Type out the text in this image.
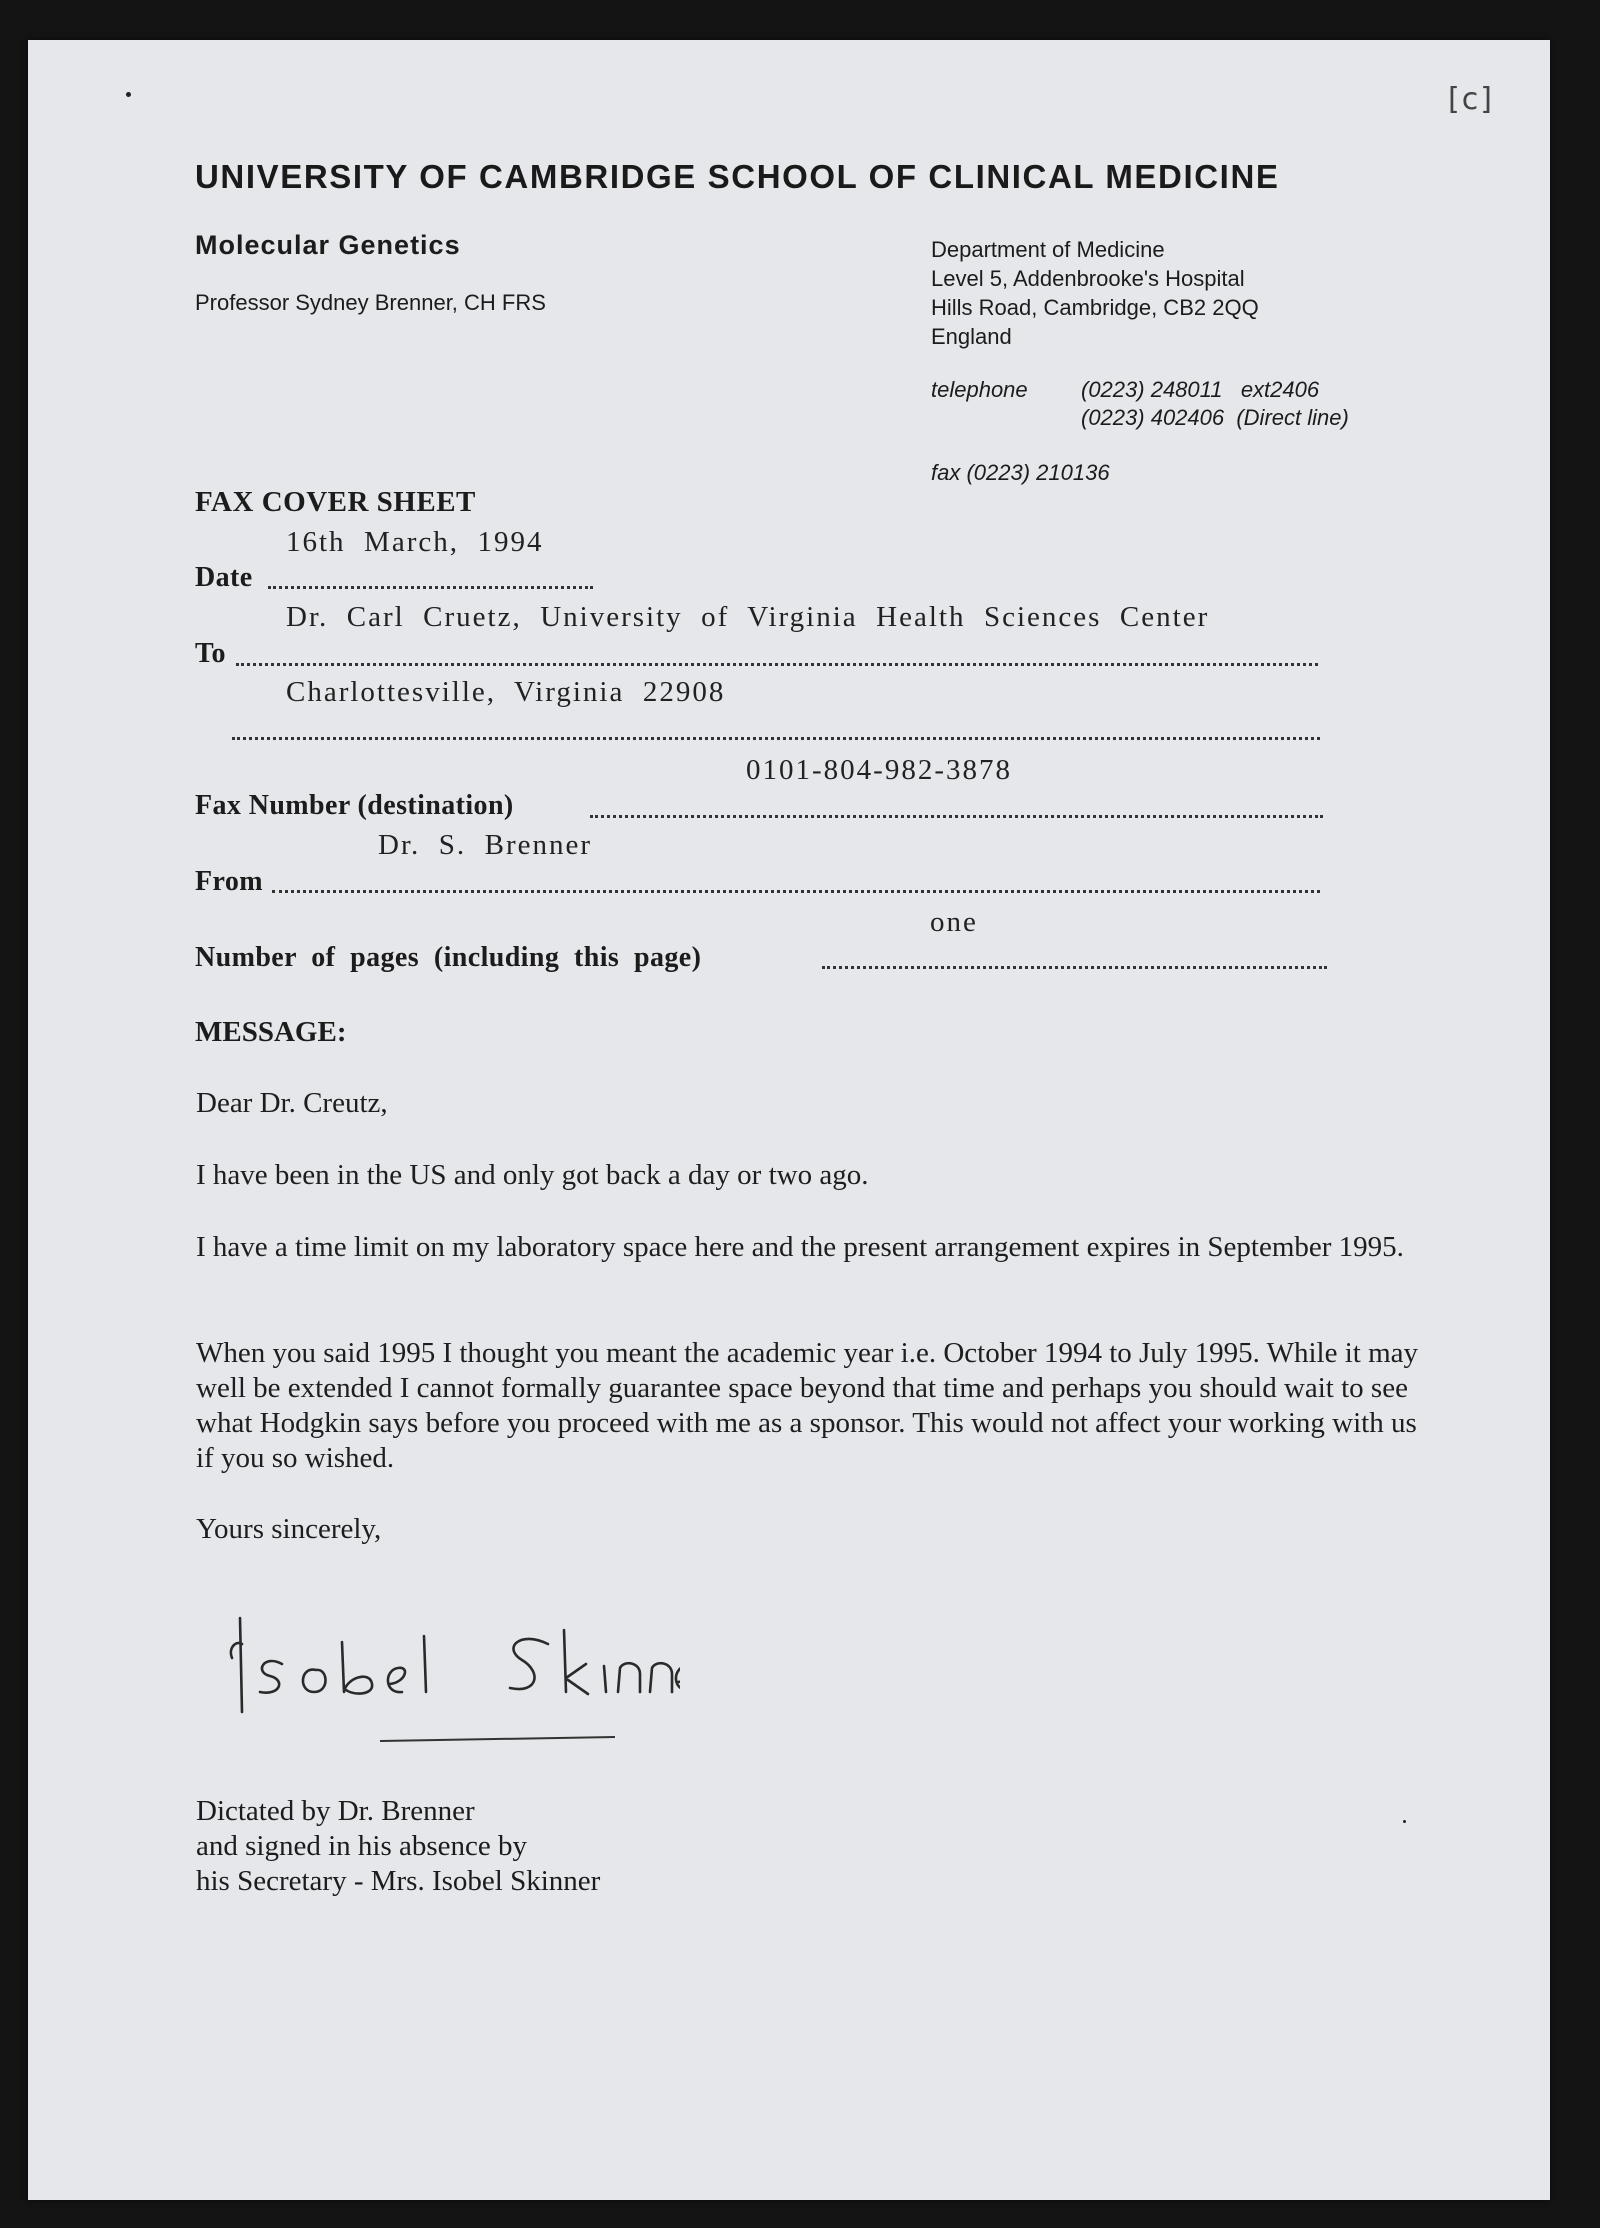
[c]
UNIVERSITY OF CAMBRIDGE SCHOOL OF CLINICAL MEDICINE
Molecular Genetics
Professor Sydney Brenner, CH FRS
Department of Medicine
Level 5, Addenbrooke's Hospital
Hills Road, Cambridge, CB2 2QQ
England
telephone (0223) 248011   ext2406
(0223) 402406  (Direct line)
fax (0223) 210136
FAX COVER SHEET
16th  March,  1994
Date
Dr.  Carl  Cruetz,  University  of  Virginia  Health  Sciences  Center
To
Charlottesville,  Virginia  22908
0101-804-982-3878
Fax Number (destination)
Dr.  S.  Brenner
From
one
Number  of  pages  (including  this  page)
MESSAGE:
Dear Dr. Creutz,
I have been in the US and only got back a day or two ago.
I have a time limit on my laboratory space here and the present arrangement expires in September 1995.
When you said 1995 I thought you meant the academic year i.e. October 1994 to July 1995. While it may well be extended I cannot formally guarantee space beyond that time and perhaps you should wait to see what Hodgkin says before you proceed with me as a sponsor. This would not affect your working with us if you so wished.
Yours sincerely,
Dictated by Dr. Brenner
and signed in his absence by
his Secretary - Mrs. Isobel Skinner
